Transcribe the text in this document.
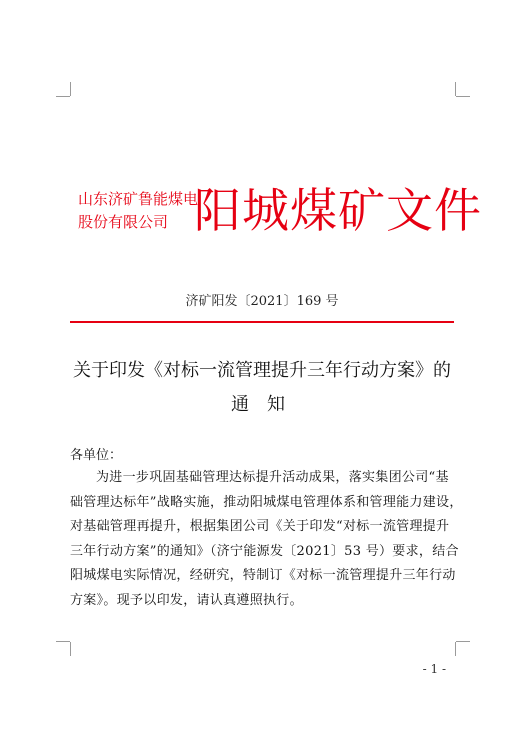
山东济矿鲁能煤电
股份有限公司 阳城煤矿文件
济矿阳发〔2021〕169 号
关于印发《对标一流管理提升三年行动方案》的
通知
各单位：
为进一步巩固基础管理达标提升活动成果，落实集团公司“基
础管理达标年”战略实施，推动阳城煤电管理体系和管理能力建设，
对基础管理再提升，根据集团公司《关于印发“对标一流管理提升
三年行动方案”的通知》（济宁能源发〔2021〕53 号）要求，结合
阳城煤电实际情况，经研究，特制订《对标一流管理提升三年行动
方案》。现予以印发，请认真遵照执行。
- 1 -
